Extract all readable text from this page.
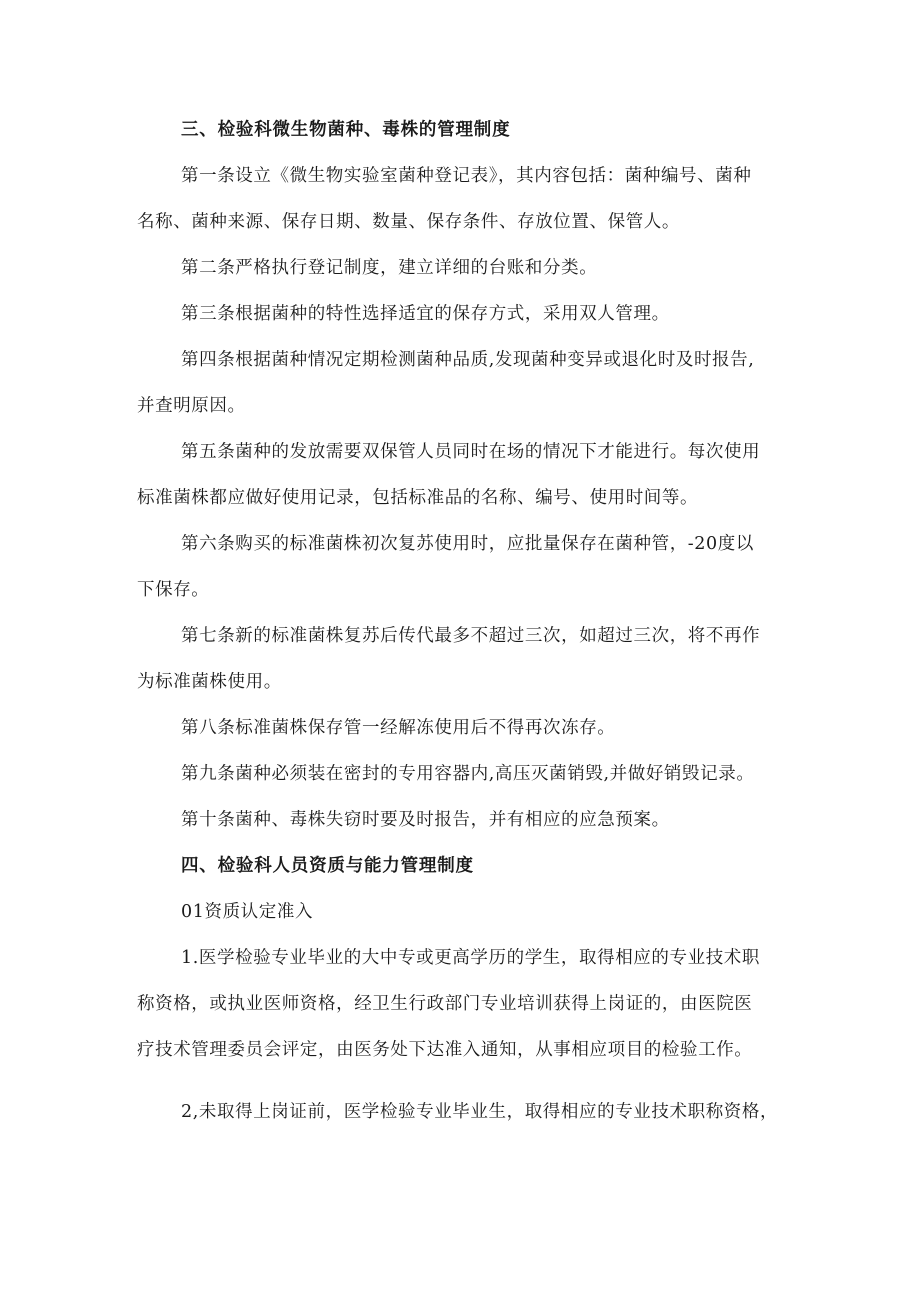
三、检验科微生物菌种、毒株的管理制度

第一条设立《微生物实验室菌种登记表》，其内容包括：菌种编号、菌种

名称、菌种来源、保存日期、数量、保存条件、存放位置、保管人。

第二条严格执行登记制度，建立详细的台账和分类。

第三条根据菌种的特性选择适宜的保存方式，采用双人管理。

第四条根据菌种情况定期检测菌种品质,发现菌种变异或退化时及时报告,

并查明原因。

第五条菌种的发放需要双保管人员同时在场的情况下才能进行。每次使用

标准菌株都应做好使用记录，包括标准品的名称、编号、使用时间等。

第六条购买的标准菌株初次复苏使用时，应批量保存在菌种管，-20度以

下保存。

第七条新的标准菌株复苏后传代最多不超过三次，如超过三次，将不再作

为标准菌株使用。

第八条标准菌株保存管一经解冻使用后不得再次冻存。

第九条菌种必须装在密封的专用容器内,高压灭菌销毁,并做好销毁记录。

第十条菌种、毒株失窃时要及时报告，并有相应的应急预案。

四、检验科人员资质与能力管理制度

01资质认定准入

1.医学检验专业毕业的大中专或更高学历的学生，取得相应的专业技术职

称资格，或执业医师资格，经卫生行政部门专业培训获得上岗证的，由医院医

疗技术管理委员会评定，由医务处下达准入通知，从事相应项目的检验工作。

2,未取得上岗证前，医学检验专业毕业生，取得相应的专业技术职称资格，
